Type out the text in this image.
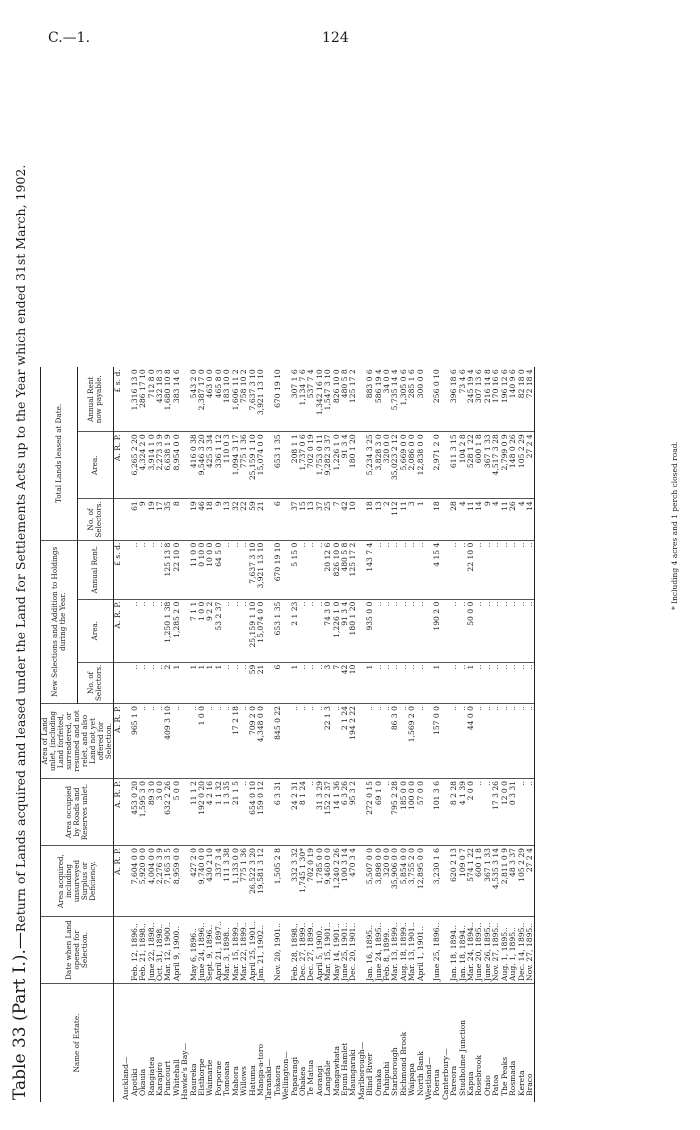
C.—1.	124
Table 33 (Part I.).—Return of Lands acquired and leased under the Land for Settlements Acts up to the Year which ended 31st March, 1902.
Name of Estate.	Date when Land opened for Selection.	Area acquired, including unsurveyed Surplus or Deficiency.	Area occupied by Roads and Reserves unlet.	Area of Land unlet, (including Land forfeited, surrendered, or resumed and not relet, and also Land not yet offered for Selection.	New Selections and Addition to Holdings during the Year.			Total Lands leased at Date.		
					No. of Selectors.	Area.	Annual Rent.	No. of Selectors.	Area.	Annual Rent now payable.
		A. R. P.	A. R. P.	A. R. P.		A. R. P.	£ s. d.		A. R. P.	£ s. d.
Auckland—										
Apotiki	Feb. 12, 1896..	7,604 0 0	453 0 20	965 1 0	..	..	..	61	6,265 2 20	1,316 13 0
Okauia	Feb. 21, 1898..	5,920 0 0	1,595 3 0	..	..	..	..	9	4,324 2 0	286 17 10
Rangiatea	June 22, 1898..	4,004 0 0	89 3 0	..	..	..	..	19	3,914 1 0	712 8 0
Karapiro	Oct. 31, 1898..	2,276 3 9	3 0 0	..	..	..	..	17	2,273 3 9	432 18 3
Puncourt	Mar. 12, 1900..	7,165 3 5	632 2 26	409 3 10	2	1,250 1 38	125 13 8	35	6,638 1 9	1,680 10 8
Whitehall	April 9, 1900..	8,959 0 0	5 0 0	..	1	1,285 2 0	22 10 0	8	8,954 0 0	383 14 6
Hawke's Bay—										
Raureka	May 6, 1896..	427 2 0	11 1 2	..	1	7 1 1	11 0 0	19	416 0 38	543 2 0
Elsthorpe	June 24, 1896..	9,740 0 0	192 0 20	1 0 0	1	1 0 0	0 10 0	46	9,546 3 20	2,387 17 0
Waimarie	Sept. 9, 1896..	430 2 10	4 2 16	..	1	9 2 2	10 0 0	18	425 3 34	463 0 0
Porporae	April 21, 1897..	337 3 4	1 1 32	..	1	53 2 37	64 5 0	9	336 1 12	465 8 0
Tomoana	Mar. 3, 1898..	111 3 38	1 3 35	..	..	..	..	13	110 0 3	183 10 0
Mahora	Mar. 15, 1899..	1,133 0 0	21 1 5	17 2 18	..	..	..	32	1,094 3 17	1,606 11 2
Willows	Mar. 22, 1899..	775 1 36	..	..	..	..	..	22	775 1 36	758 10 2
Hatuma	April 25, 1901..	26,522 3 20	654 0 10	709 2 0	59	25,159 1 10	7,637 3 10	59	25,159 1 10	7,637 3 10
Manga-a-toro	Jan. 21, 1902..	19,581 3 12	159 0 12	4,348 0 0	21	15,074 0 0	3,921 13 10	21	15,074 0 0	3,921 13 10
Taranaki—										
Tokaora	Nov. 20, 1901..	1,505 2 8	6 3 31	845 0 22	6	653 1 35	670 19 10	6	653 1 35	670 19 10
Wellington—										
Paparangi	Feb. 28, 1898..	332 3 32	24 2 31	..	1	2 1 23	5 15 0	37	208 1 1	307 1 6
Ohakea	Dec. 27, 1899..	1,745 1 30*	8 1 24	..	..	..	..	15	1,737 0 6	1,134 7 6
Te Matua	Dec. 27, 1899..	702 0 19	..	..	..	..	..	13	702 0 19	537 7 4
Aorangi	April 5, 1900..	1,785 0 0	31 3 29	..	..	..	..	37	1,753 0 11	1,342 16 10
Langdale	Mar. 15, 1901..	9,460 0 0	152 2 37	22 1 3	3	74 3 0	20 12 6	25	9,282 3 37	1,547 3 10
Mangawhata	May 14, 1901..	1,240 2 26	14 1 36	..	7	1,226 1 0	826 10 0	7	1,226 1 0	826 10 0
Epuni Hamlet	June 25, 1901..	100 3 14	6 3 26	2 1 24	42	91 3 4	480 5 8	42	91 3 4	480 5 8
Maungaraki	Dec. 20, 1901..	470 3 4	95 3 2	194 2 22	10	180 1 20	125 17 2	10	180 1 20	125 17 2
Marlborough—										
Blind River	Jan. 16, 1895..	5,507 0 0	272 0 15	..	1	935 0 0	143 7 4	18	5,234 3 25	883 0 6
Omaka	June 24, 1895..	3,898 0 0	69 1 0	..	..	..	..	13	3,828 3 0	586 19 4
Puhipuhi	Feb. 8, 1899..	320 0 0	..	..	..	..	..	2	320 0 0	34 0 0
Starborough	Mar. 13, 1899..	35,906 0 0	795 2 28	86 3 0	..	..	..	112	35,023 2 12	5,735 14 4
Richmond Brook	Aug. 18, 1899..	5,854 0 0	185 0 0	..	..	..	..	11	5,669 0 0	1,305 0 6
Waipapa	Mar. 13, 1901..	3,755 2 0	100 0 0	1,569 2 0	..	..	..	3	2,086 0 0	285 1 6
North Bank	April 1, 1901..	12,895 0 0	57 0 0	..	..	..	..	1	12,838 0 0	300 0 0
Westland—										
Poerua	June 25, 1896..	3,230 1 6	101 3 6	157 0 0	1	190 2 0	4 15 4	18	2,971 2 0	256 0 10
Canterbury—										
Pareora	Jan. 18, 1894..	620 2 13	8 2 28	..	..	..	..	28	611 3 15	396 18 6
Studholme Junction	Jan. 18, 1894..	109 0 7	4 1 39	..	..	..	..	4	104 2 8	73 4 6
Kapua	Mar. 24, 1894..	574 1 22	2 0 0	44 0 0	1	50 0 0	22 10 0	11	528 1 22	245 19 4
Rosebrook	June 20, 1895..	600 1 8	..	..	..	..	..	14	600 1 8	307 13 6
Otaio	June 26, 1895..	367 1 33	..	..	..	..	..	9	367 1 33	216 14 8
Patoa	Nov. 27, 1895..	4,535 3 14	17 3 26	..	..	..	..	4	4,517 3 28	170 16 6
The Peaks	Aug. 1, 1895..	2,811 0 9	12 0 0	..	..	..	..	11	2,799 0 9	196 12 6
Rosmada	Aug. 1, 1895..	48 3 37	0 3 31	..	..	..	..	26	148 0 26	140 9 6
Kereta	Dec. 14, 1895..	105 2 29	..	..	..	..	..	4	105 2 29	82 18 0
Braco	Nov. 27, 1895..	27 2 4	..	..	..	..	..	14	27 2 4	72 18 4
* Including 4 acres and 1 perch closed road.
